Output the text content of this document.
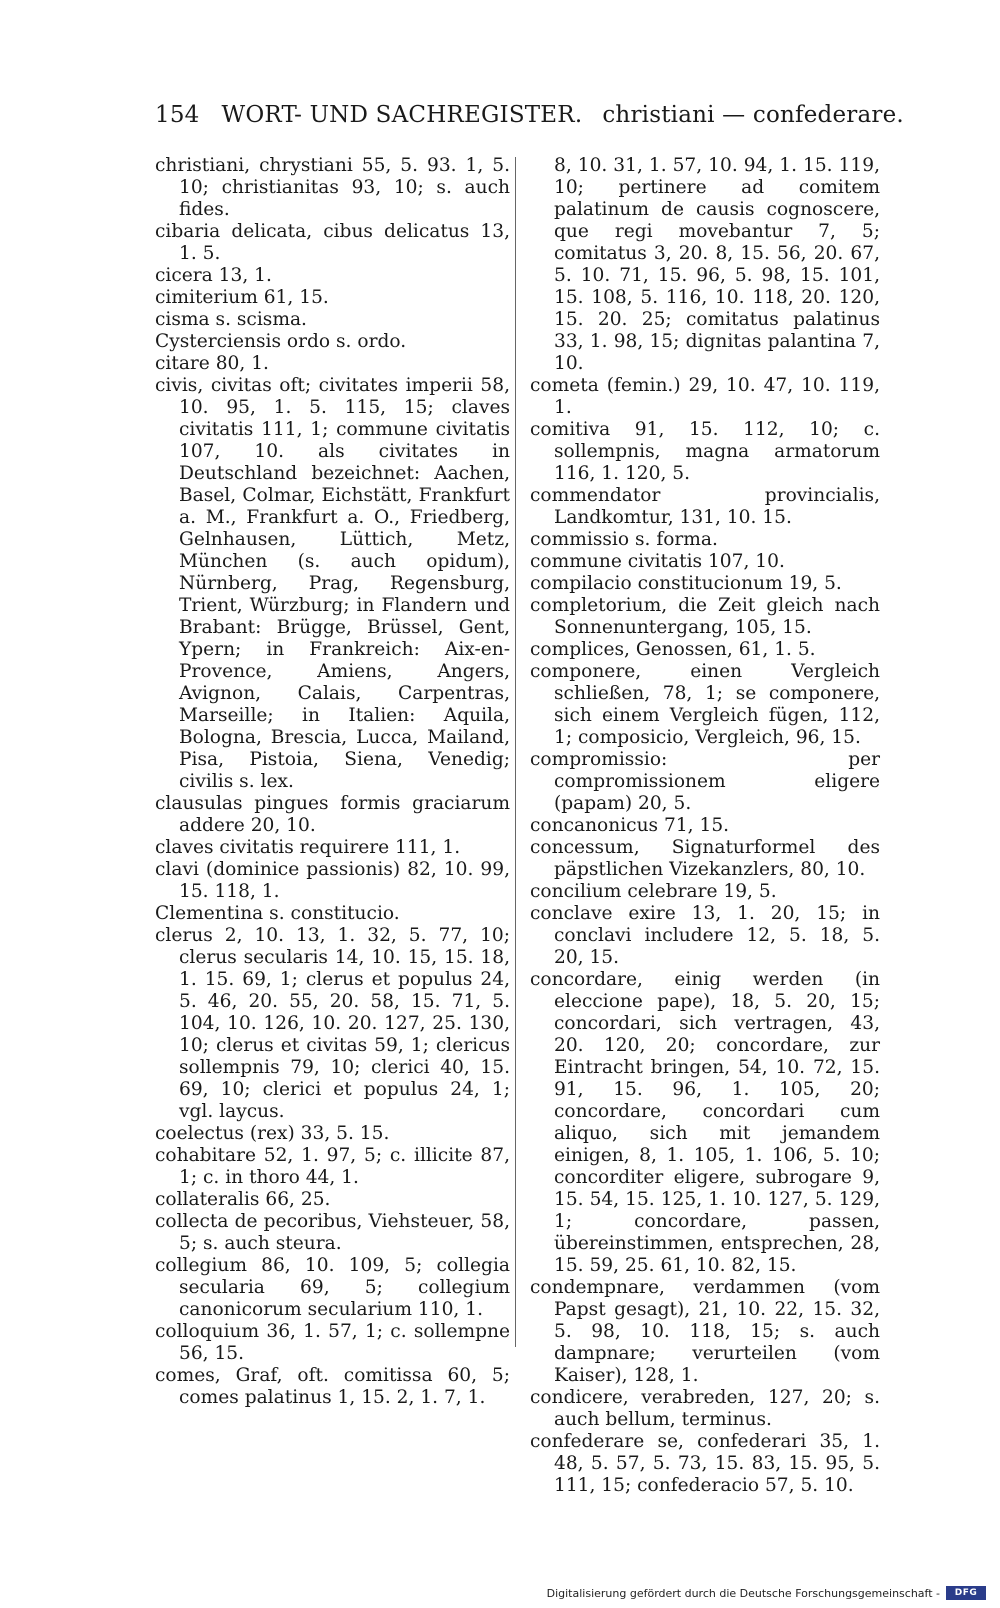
154 WORT- UND SACHREGISTER. christiani — confederare.

christiani, chrystiani 55, 5. 93. 1, 5. 10; christianitas 93, 10; s. auch fides.

cibaria delicata, cibus delicatus 13, 1. 5.

cicera 13, 1.

cimiterium 61, 15.

cisma s. scisma.

Cysterciensis ordo s. ordo.

citare 80, 1.

civis, civitas oft; civitates imperii 58, 10. 95, 1. 5. 115, 15; claves civitatis 111, 1; commune civitatis 107, 10. als civitates in Deutschland bezeichnet: Aachen, Basel, Colmar, Eichstätt, Frankfurt a. M., Frankfurt a. O., Friedberg, Gelnhausen, Lüttich, Metz, München (s. auch opidum), Nürnberg, Prag, Regensburg, Trient, Würzburg; in Flandern und Brabant: Brügge, Brüssel, Gent, Ypern; in Frankreich: Aix-en-Provence, Amiens, Angers, Avignon, Calais, Carpentras, Marseille; in Italien: Aquila, Bologna, Brescia, Lucca, Mailand, Pisa, Pistoia, Siena, Venedig; civilis s. lex.

clausulas pingues formis graciarum addere 20, 10.

claves civitatis requirere 111, 1.

clavi (dominice passionis) 82, 10. 99, 15. 118, 1.

Clementina s. constitucio.

clerus 2, 10. 13, 1. 32, 5. 77, 10; clerus secularis 14, 10. 15, 15. 18, 1. 15. 69, 1; clerus et populus 24, 5. 46, 20. 55, 20. 58, 15. 71, 5. 104, 10. 126, 10. 20. 127, 25. 130, 10; clerus et civitas 59, 1; clericus sollempnis 79, 10; clerici 40, 15. 69, 10; clerici et populus 24, 1; vgl. laycus.

coelectus (rex) 33, 5. 15.

cohabitare 52, 1. 97, 5; c. illicite 87, 1; c. in thoro 44, 1.

collateralis 66, 25.

collecta de pecoribus, Viehsteuer, 58, 5; s. auch steura.

collegium 86, 10. 109, 5; collegia secularia 69, 5; collegium canonicorum secularium 110, 1.

colloquium 36, 1. 57, 1; c. sollempne 56, 15.

comes, Graf, oft. comitissa 60, 5; comes palatinus 1, 15. 2, 1. 7, 1.

8, 10. 31, 1. 57, 10. 94, 1. 15. 119, 10; pertinere ad comitem palatinum de causis cognoscere, que regi movebantur 7, 5; comitatus 3, 20. 8, 15. 56, 20. 67, 5. 10. 71, 15. 96, 5. 98, 15. 101, 15. 108, 5. 116, 10. 118, 20. 120, 15. 20. 25; comitatus palatinus 33, 1. 98, 15; dignitas palantina 7, 10.

cometa (femin.) 29, 10. 47, 10. 119, 1.

comitiva 91, 15. 112, 10; c. sollempnis, magna armatorum 116, 1. 120, 5.

commendator provincialis, Landkomtur, 131, 10. 15.

commissio s. forma.

commune civitatis 107, 10.

compilacio constitucionum 19, 5.

completorium, die Zeit gleich nach Sonnenuntergang, 105, 15.

complices, Genossen, 61, 1. 5.

componere, einen Vergleich schließen, 78, 1; se componere, sich einem Vergleich fügen, 112, 1; composicio, Vergleich, 96, 15.

compromissio: per compromissionem eligere (papam) 20, 5.

concanonicus 71, 15.

concessum, Signaturformel des päpstlichen Vizekanzlers, 80, 10.

concilium celebrare 19, 5.

conclave exire 13, 1. 20, 15; in conclavi includere 12, 5. 18, 5. 20, 15.

concordare, einig werden (in eleccione pape), 18, 5. 20, 15; concordari, sich vertragen, 43, 20. 120, 20; concordare, zur Eintracht bringen, 54, 10. 72, 15. 91, 15. 96, 1. 105, 20; concordare, concordari cum aliquo, sich mit jemandem einigen, 8, 1. 105, 1. 106, 5. 10; concorditer eligere, subrogare 9, 15. 54, 15. 125, 1. 10. 127, 5. 129, 1; concordare, passen, übereinstimmen, entsprechen, 28, 15. 59, 25. 61, 10. 82, 15.

condempnare, verdammen (vom Papst gesagt), 21, 10. 22, 15. 32, 5. 98, 10. 118, 15; s. auch dampnare; verurteilen (vom Kaiser), 128, 1.

condicere, verabreden, 127, 20; s. auch bellum, terminus.

confederare se, confederari 35, 1. 48, 5. 57, 5. 73, 15. 83, 15. 95, 5. 111, 15; confederacio 57, 5. 10.

Digitalisierung gefördert durch die Deutsche Forschungsgemeinschaft -	DFG
